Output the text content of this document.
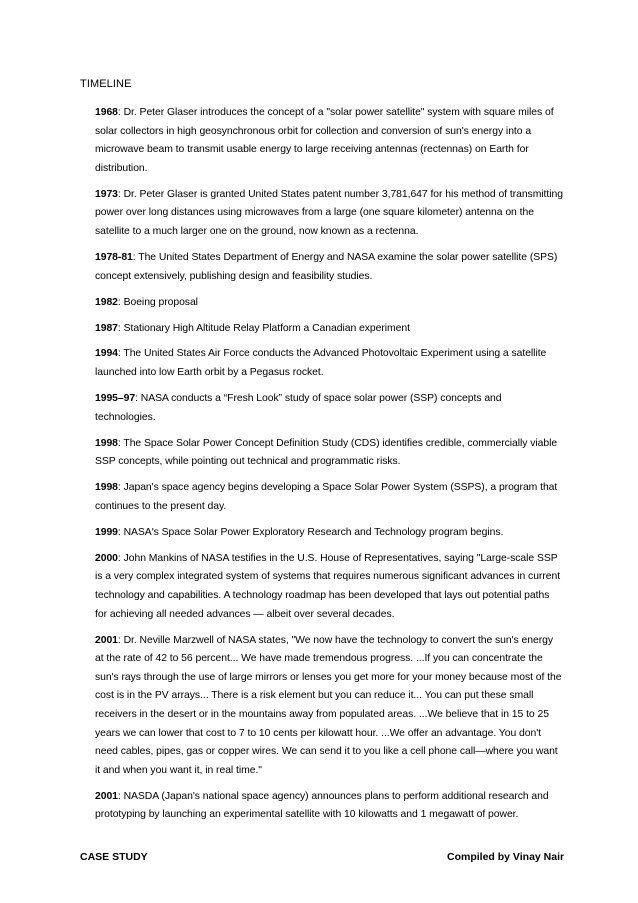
TIMELINE

1968: Dr. Peter Glaser introduces the concept of a "solar power satellite" system with square miles of solar collectors in high geosynchronous orbit for collection and conversion of sun's energy into a microwave beam to transmit usable energy to large receiving antennas (rectennas) on Earth for distribution.

1973: Dr. Peter Glaser is granted United States patent number 3,781,647 for his method of transmitting power over long distances using microwaves from a large (one square kilometer) antenna on the satellite to a much larger one on the ground, now known as a rectenna.

1978-81: The United States Department of Energy and NASA examine the solar power satellite (SPS) concept extensively, publishing design and feasibility studies.

1982: Boeing proposal

1987: Stationary High Altitude Relay Platform a Canadian experiment

1994: The United States Air Force conducts the Advanced Photovoltaic Experiment using a satellite launched into low Earth orbit by a Pegasus rocket.

1995–97: NASA conducts a “Fresh Look” study of space solar power (SSP) concepts and technologies.

1998: The Space Solar Power Concept Definition Study (CDS) identifies credible, commercially viable SSP concepts, while pointing out technical and programmatic risks.

1998: Japan's space agency begins developing a Space Solar Power System (SSPS), a program that continues to the present day.

1999: NASA's Space Solar Power Exploratory Research and Technology program begins.

2000: John Mankins of NASA testifies in the U.S. House of Representatives, saying "Large-scale SSP is a very complex integrated system of systems that requires numerous significant advances in current technology and capabilities. A technology roadmap has been developed that lays out potential paths for achieving all needed advances — albeit over several decades.

2001: Dr. Neville Marzwell of NASA states, "We now have the technology to convert the sun's energy at the rate of 42 to 56 percent... We have made tremendous progress. ...If you can concentrate the sun's rays through the use of large mirrors or lenses you get more for your money because most of the cost is in the PV arrays... There is a risk element but you can reduce it... You can put these small receivers in the desert or in the mountains away from populated areas. ...We believe that in 15 to 25 years we can lower that cost to 7 to 10 cents per kilowatt hour. ...We offer an advantage. You don't need cables, pipes, gas or copper wires. We can send it to you like a cell phone call—where you want it and when you want it, in real time."

2001: NASDA (Japan's national space agency) announces plans to perform additional research and prototyping by launching an experimental satellite with 10 kilowatts and 1 megawatt of power.

CASE STUDY	Compiled by Vinay Nair
